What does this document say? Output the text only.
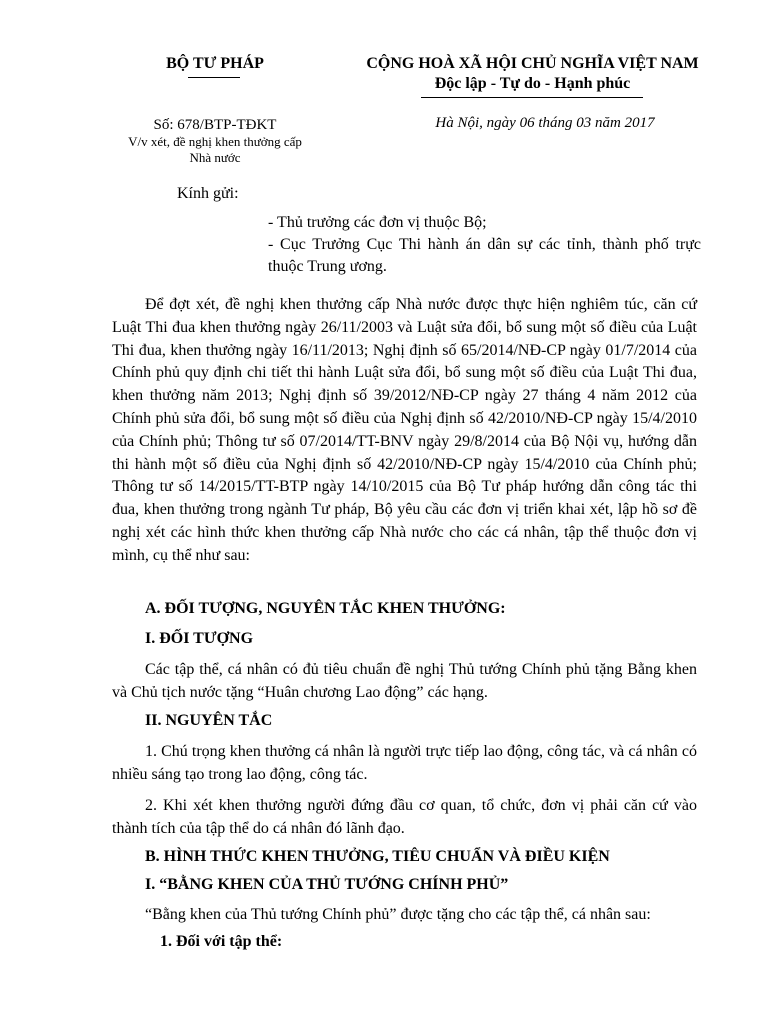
BỘ TƯ PHÁP	CỘNG HOÀ XÃ HỘI CHỦ NGHĨA VIỆT NAM
Độc lập - Tự do - Hạnh phúc
Số: 678/BTP-TĐKT
V/v xét, đề nghị khen thưởng cấp Nhà nước
Hà Nội, ngày 06 tháng 03 năm 2017
Kính gửi:

- Thủ trưởng các đơn vị thuộc Bộ;

- Cục Trưởng Cục Thi hành án dân sự các tỉnh, thành phố trực thuộc Trung ương.

Để đợt xét, đề nghị khen thưởng cấp Nhà nước được thực hiện nghiêm túc, căn cứ Luật Thi đua khen thưởng ngày 26/11/2003 và Luật sửa đổi, bổ sung một số điều của Luật Thi đua, khen thưởng ngày 16/11/2013; Nghị định số 65/2014/NĐ-CP ngày 01/7/2014 của Chính phủ quy định chi tiết thi hành Luật sửa đổi, bổ sung một số điều của Luật Thi đua, khen thưởng năm 2013; Nghị định số 39/2012/NĐ-CP ngày 27 tháng 4 năm 2012 của Chính phủ sửa đổi, bổ sung một số điều của Nghị định số 42/2010/NĐ-CP ngày 15/4/2010 của Chính phủ; Thông tư số 07/2014/TT-BNV ngày 29/8/2014 của Bộ Nội vụ, hướng dẫn thi hành một số điều của Nghị định số 42/2010/NĐ-CP ngày 15/4/2010 của Chính phủ; Thông tư số 14/2015/TT-BTP ngày 14/10/2015 của Bộ Tư pháp hướng dẫn công tác thi đua, khen thưởng trong ngành Tư pháp, Bộ yêu cầu các đơn vị triển khai xét, lập hồ sơ đề nghị xét các hình thức khen thưởng cấp Nhà nước cho các cá nhân, tập thể thuộc đơn vị mình, cụ thể như sau:

A. ĐỐI TƯỢNG, NGUYÊN TẮC KHEN THƯỞNG:

I. ĐỐI TƯỢNG

Các tập thể, cá nhân có đủ tiêu chuẩn đề nghị Thủ tướng Chính phủ tặng Bằng khen và Chủ tịch nước tặng “Huân chương Lao động” các hạng.

II. NGUYÊN TẮC

1. Chú trọng khen thưởng cá nhân là người trực tiếp lao động, công tác, và cá nhân có nhiều sáng tạo trong lao động, công tác.

2. Khi xét khen thưởng người đứng đầu cơ quan, tổ chức, đơn vị phải căn cứ vào thành tích của tập thể do cá nhân đó lãnh đạo.

B. HÌNH THỨC KHEN THƯỞNG, TIÊU CHUẨN VÀ ĐIỀU KIỆN

I. “BẰNG KHEN CỦA THỦ TƯỚNG CHÍNH PHỦ”

“Bằng khen của Thủ tướng Chính phủ” được tặng cho các tập thể, cá nhân sau:

1. Đối với tập thể:
